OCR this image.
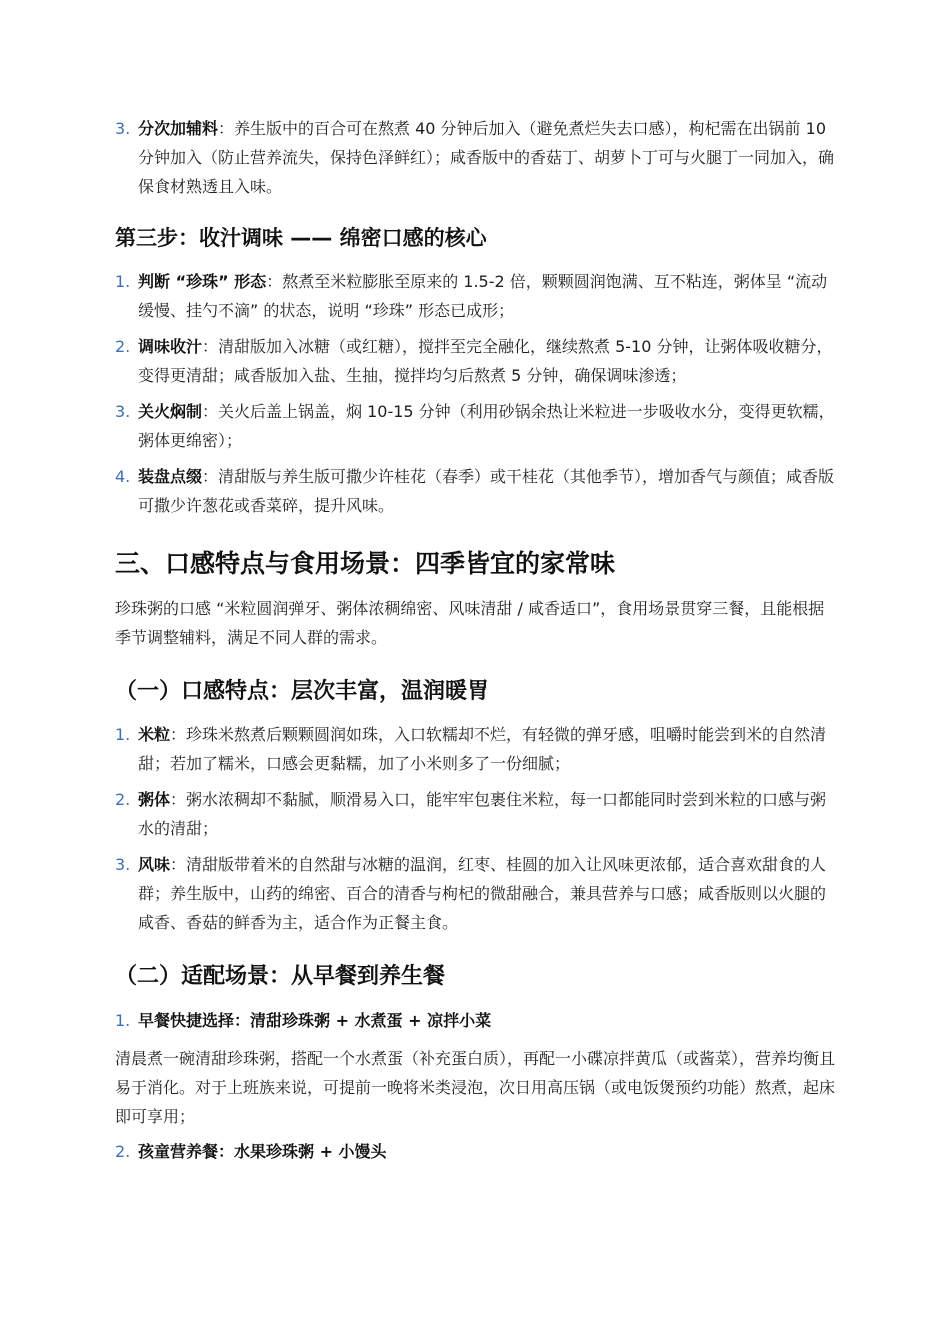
3. 分次加辅料：养生版中的百合可在熬煮 40 分钟后加入（避免煮烂失去口感），枸杞需在出锅前 10 分钟加入（防止营养流失，保持色泽鲜红）；咸香版中的香菇丁、胡萝卜丁可与火腿丁一同加入，确保食材熟透且入味。

第三步：收汁调味 —— 绵密口感的核心

1. 判断 “珍珠” 形态：熬煮至米粒膨胀至原来的 1.5-2 倍，颗颗圆润饱满、互不粘连，粥体呈 “流动缓慢、挂勺不滴” 的状态，说明 “珍珠” 形态已成形；

2. 调味收汁：清甜版加入冰糖（或红糖），搅拌至完全融化，继续熬煮 5-10 分钟，让粥体吸收糖分，变得更清甜；咸香版加入盐、生抽，搅拌均匀后熬煮 5 分钟，确保调味渗透；

3. 关火焖制：关火后盖上锅盖，焖 10-15 分钟（利用砂锅余热让米粒进一步吸收水分，变得更软糯，粥体更绵密）；

4. 装盘点缀：清甜版与养生版可撒少许桂花（春季）或干桂花（其他季节），增加香气与颜值；咸香版可撒少许葱花或香菜碎，提升风味。

三、口感特点与食用场景：四季皆宜的家常味

珍珠粥的口感 “米粒圆润弹牙、粥体浓稠绵密、风味清甜 / 咸香适口”，食用场景贯穿三餐，且能根据季节调整辅料，满足不同人群的需求。

（一）口感特点：层次丰富，温润暖胃

1. 米粒：珍珠米熬煮后颗颗圆润如珠，入口软糯却不烂，有轻微的弹牙感，咀嚼时能尝到米的自然清甜；若加了糯米，口感会更黏糯，加了小米则多了一份细腻；

2. 粥体：粥水浓稠却不黏腻，顺滑易入口，能牢牢包裹住米粒，每一口都能同时尝到米粒的口感与粥水的清甜；

3. 风味：清甜版带着米的自然甜与冰糖的温润，红枣、桂圆的加入让风味更浓郁，适合喜欢甜食的人群；养生版中，山药的绵密、百合的清香与枸杞的微甜融合，兼具营养与口感；咸香版则以火腿的咸香、香菇的鲜香为主，适合作为正餐主食。

（二）适配场景：从早餐到养生餐

1. 早餐快捷选择：清甜珍珠粥 + 水煮蛋 + 凉拌小菜

清晨煮一碗清甜珍珠粥，搭配一个水煮蛋（补充蛋白质），再配一小碟凉拌黄瓜（或酱菜），营养均衡且易于消化。对于上班族来说，可提前一晚将米类浸泡，次日用高压锅（或电饭煲预约功能）熬煮，起床即可享用；

2. 孩童营养餐：水果珍珠粥 + 小馒头
